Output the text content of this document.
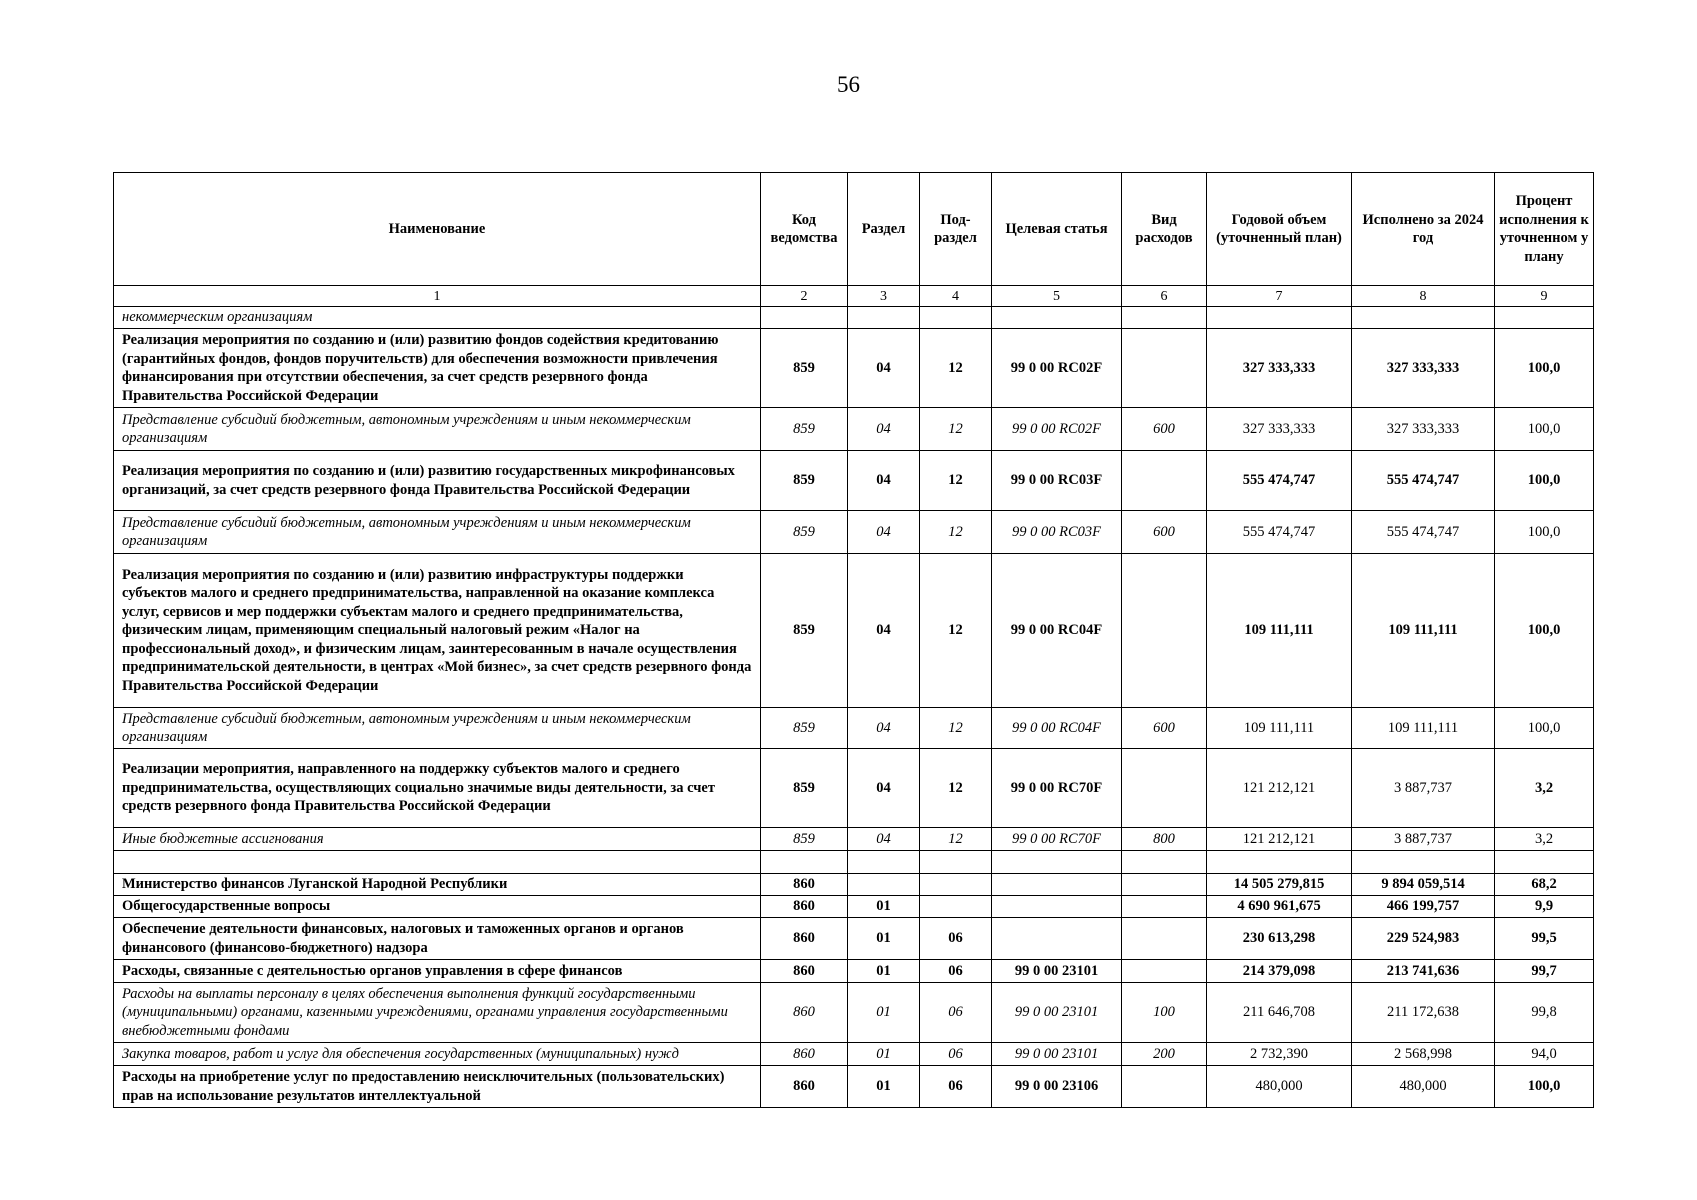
56
Наименование	Код ведомства	Раздел	Под-раздел	Целевая статья	Вид расходов	Годовой объем (уточненный план)	Исполнено за 2024 год	Процент исполнения к уточненном у плану
1	2	3	4	5	6	7	8	9
некоммерческим организациям								
Реализация мероприятия по созданию и (или) развитию фондов содействия кредитованию (гарантийных фондов, фондов поручительств) для обеспечения возможности привлечения финансирования при отсутствии обеспечения, за счет средств резервного фонда Правительства Российской Федерации	859	04	12	99 0 00 RC02F		327 333,333	327 333,333	100,0
Представление субсидий бюджетным, автономным учреждениям и иным некоммерческим организациям	859	04	12	99 0 00 RC02F	600	327 333,333	327 333,333	100,0
Реализация мероприятия по созданию и (или) развитию государственных микрофинансовых организаций, за счет средств резервного фонда Правительства Российской Федерации	859	04	12	99 0 00 RC03F		555 474,747	555 474,747	100,0
Представление субсидий бюджетным, автономным учреждениям и иным некоммерческим организациям	859	04	12	99 0 00 RC03F	600	555 474,747	555 474,747	100,0
Реализация мероприятия по созданию и (или) развитию инфраструктуры поддержки субъектов малого и среднего предпринимательства, направленной на оказание комплекса услуг, сервисов и мер поддержки субъектам малого и среднего предпринимательства, физическим лицам, применяющим специальный налоговый режим «Налог на профессиональный доход», и физическим лицам, заинтересованным в начале осуществления предпринимательской деятельности, в центрах «Мой бизнес», за счет средств резервного фонда Правительства Российской Федерации	859	04	12	99 0 00 RC04F		109 111,111	109 111,111	100,0
Представление субсидий бюджетным, автономным учреждениям и иным некоммерческим организациям	859	04	12	99 0 00 RC04F	600	109 111,111	109 111,111	100,0
Реализации мероприятия, направленного на поддержку субъектов малого и среднего предпринимательства, осуществляющих социально значимые виды деятельности, за счет средств резервного фонда Правительства Российской Федерации	859	04	12	99 0 00 RC70F		121 212,121	3 887,737	3,2
Иные бюджетные ассигнования	859	04	12	99 0 00 RC70F	800	121 212,121	3 887,737	3,2

Министерство финансов Луганской Народной Республики	860					14 505 279,815	9 894 059,514	68,2
Общегосударственные вопросы	860	01				4 690 961,675	466 199,757	9,9
Обеспечение деятельности финансовых, налоговых и таможенных органов и органов финансового (финансово-бюджетного) надзора	860	01	06			230 613,298	229 524,983	99,5
Расходы, связанные с деятельностью органов управления в сфере финансов	860	01	06	99 0 00 23101		214 379,098	213 741,636	99,7
Расходы на выплаты персоналу в целях обеспечения выполнения функций государственными (муниципальными) органами, казенными учреждениями, органами управления государственными внебюджетными фондами	860	01	06	99 0 00 23101	100	211 646,708	211 172,638	99,8
Закупка товаров, работ и услуг для обеспечения государственных (муниципальных) нужд	860	01	06	99 0 00 23101	200	2 732,390	2 568,998	94,0
Расходы на приобретение услуг по предоставлению неисключительных (пользовательских) прав на использование результатов интеллектуальной	860	01	06	99 0 00 23106		480,000	480,000	100,0
